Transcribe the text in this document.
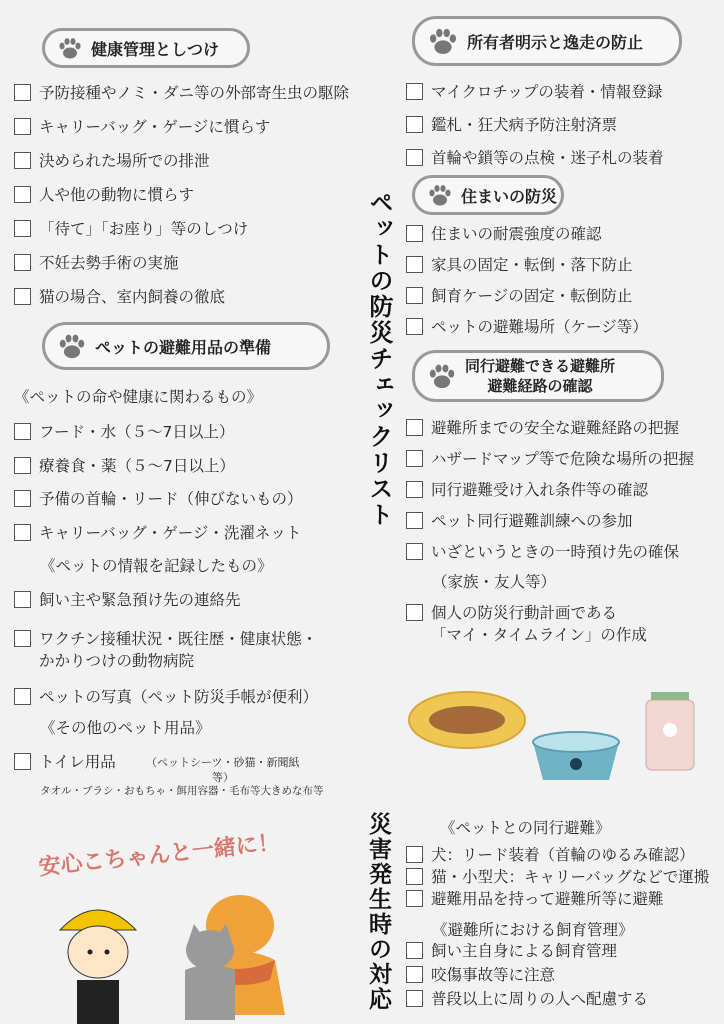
健康管理としつけ
予防接種やノミ・ダニ等の外部寄生虫の駆除
キャリーバッグ・ゲージに慣らす
決められた場所での排泄
人や他の動物に慣らす
「待て」「お座り」等のしつけ
不妊去勢手術の実施
猫の場合、室内飼養の徹底
ペットの避難用品の準備
《ペットの命や健康に関わるもの》
フード・水（５〜7日以上）
療養食・薬（５〜7日以上）
予備の首輪・リード（伸びないもの）
キャリーバッグ・ゲージ・洗濯ネット
《ペットの情報を記録したもの》
飼い主や緊急預け先の連絡先
ワクチン接種状況・既往歴・健康状態・
かかりつけの動物病院
ペットの写真（ペット防災手帳が便利）
《その他のペット用品》
トイレ用品	（ペットシーツ・砂猫・新聞紙
等）
タオル・ブラシ・おもちゃ・餌用容器・毛布等大きめな布等
ペットの防災チェックリスト
所有者明示と逸走の防止
マイクロチップの装着・情報登録
鑑札・狂犬病予防注射済票
首輪や鎖等の点検・迷子札の装着
住まいの防災
住まいの耐震強度の確認
家具の固定・転倒・落下防止
飼育ケージの固定・転倒防止
ペットの避難場所（ケージ等）
同行避難できる避難所
避難経路の確認
避難所までの安全な避難経路の把握
ハザードマップ等で危険な場所の把握
同行避難受け入れ条件等の確認
ペット同行避難訓練への参加
いざというときの一時預け先の確保
（家族・友人等）
個人の防災行動計画である
「マイ・タイムライン」の作成
災害発生時の対応	《ペットとの同行避難》
犬：リード装着（首輪のゆるみ確認）
猫・小型犬：キャリーバッグなどで運搬
避難用品を持って避難所等に避難
《避難所における飼育管理》
飼い主自身による飼育管理
咬傷事故等に注意
普段以上に周りの人へ配慮する
安心こちゃんと一緒に！
